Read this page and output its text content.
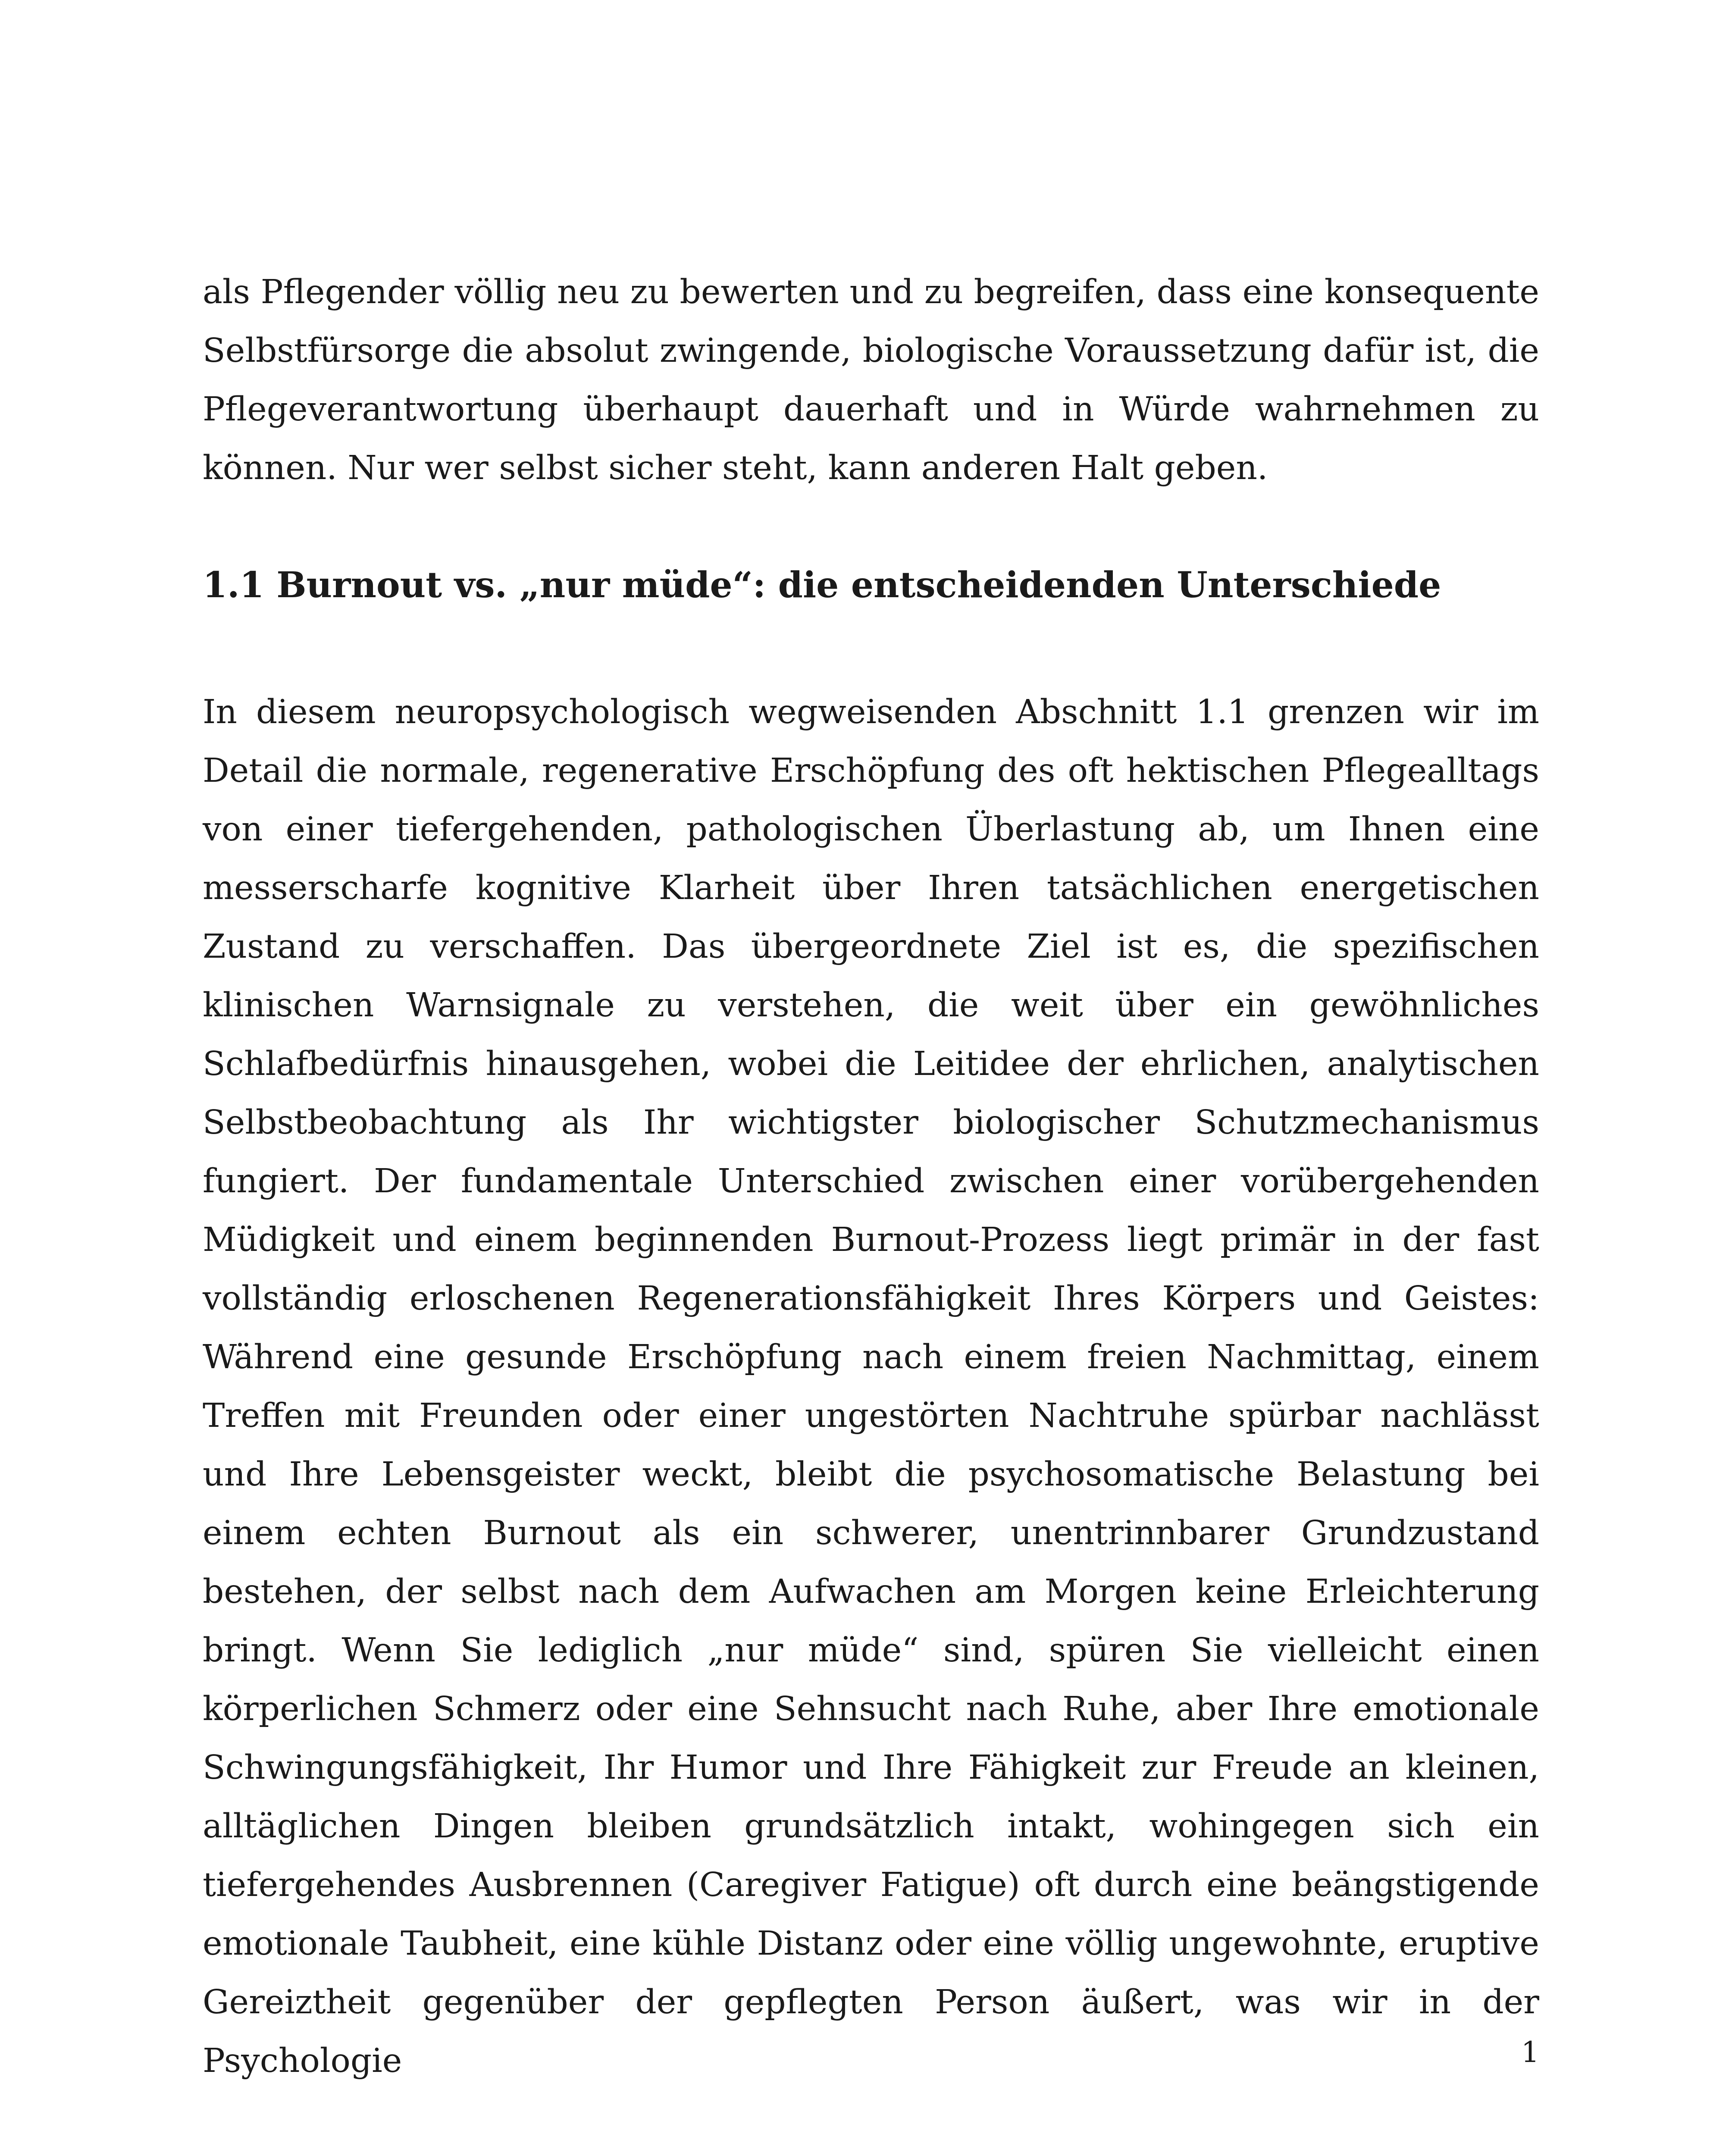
als Pflegender völlig neu zu bewerten und zu begreifen, dass eine konsequente Selbstfürsorge die absolut zwingende, biologische Voraussetzung dafür ist, die Pflegeverantwortung überhaupt dauerhaft und in Würde wahrnehmen zu können. Nur wer selbst sicher steht, kann anderen Halt geben.

1.1 Burnout vs. „nur müde“: die entscheidenden Unterschiede

In diesem neuropsychologisch wegweisenden Abschnitt 1.1 grenzen wir im Detail die normale, regenerative Erschöpfung des oft hektischen Pflegealltags von einer tiefergehenden, pathologischen Überlastung ab, um Ihnen eine messerscharfe kognitive Klarheit über Ihren tatsächlichen energetischen Zustand zu verschaffen. Das übergeordnete Ziel ist es, die spezifischen klinischen Warnsignale zu verstehen, die weit über ein gewöhnliches Schlafbedürfnis hinausgehen, wobei die Leitidee der ehrlichen, analytischen Selbstbeobachtung als Ihr wichtigster biologischer Schutzmechanismus fungiert. Der fundamentale Unterschied zwischen einer vorübergehenden Müdigkeit und einem beginnenden Burnout-Prozess liegt primär in der fast vollständig erloschenen Regenerationsfähigkeit Ihres Körpers und Geistes: Während eine gesunde Erschöpfung nach einem freien Nachmittag, einem Treffen mit Freunden oder einer ungestörten Nachtruhe spürbar nachlässt und Ihre Lebensgeister weckt, bleibt die psychosomatische Belastung bei einem echten Burnout als ein schwerer, unentrinnbarer Grundzustand bestehen, der selbst nach dem Aufwachen am Morgen keine Erleichterung bringt. Wenn Sie lediglich „nur müde“ sind, spüren Sie vielleicht einen körperlichen Schmerz oder eine Sehnsucht nach Ruhe, aber Ihre emotionale Schwingungsfähigkeit, Ihr Humor und Ihre Fähigkeit zur Freude an kleinen, alltäglichen Dingen bleiben grundsätzlich intakt, wohingegen sich ein tiefergehendes Ausbrennen (Caregiver Fatigue) oft durch eine beängstigende emotionale Taubheit, eine kühle Distanz oder eine völlig ungewohnte, eruptive Gereiztheit gegenüber der gepflegten Person äußert, was wir in der Psychologie	1
